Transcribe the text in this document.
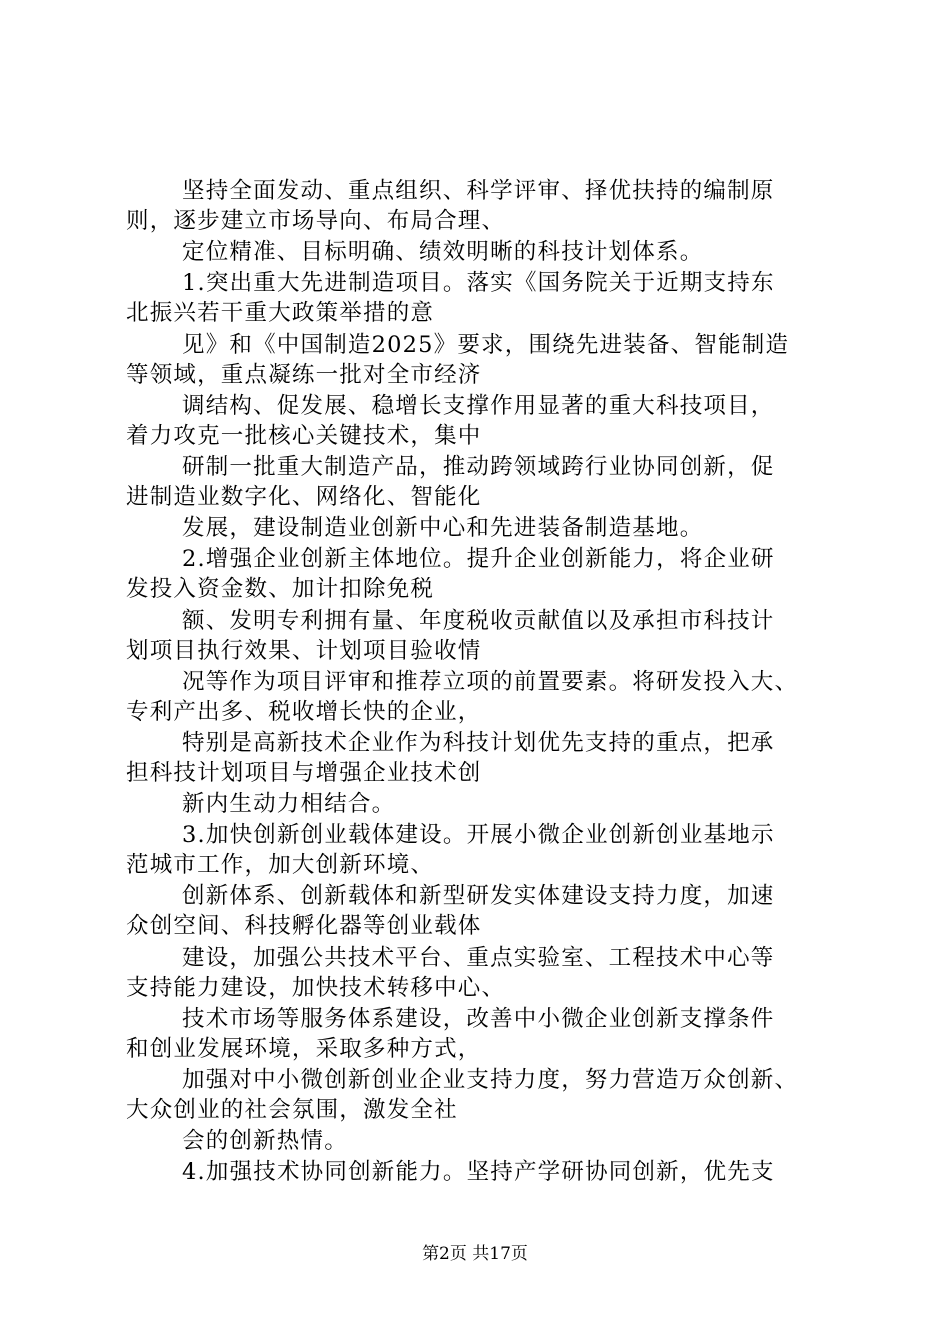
坚持全面发动、重点组织、科学评审、择优扶持的编制原
则，逐步建立市场导向、布局合理、
定位精准、目标明确、绩效明晰的科技计划体系。
1.突出重大先进制造项目。落实《国务院关于近期支持东
北振兴若干重大政策举措的意
见》和《中国制造2025》要求，围绕先进装备、智能制造
等领域，重点凝练一批对全市经济
调结构、促发展、稳增长支撑作用显著的重大科技项目，
着力攻克一批核心关键技术，集中
研制一批重大制造产品，推动跨领域跨行业协同创新，促
进制造业数字化、网络化、智能化
发展，建设制造业创新中心和先进装备制造基地。
2.增强企业创新主体地位。提升企业创新能力，将企业研
发投入资金数、加计扣除免税
额、发明专利拥有量、年度税收贡献值以及承担市科技计
划项目执行效果、计划项目验收情
况等作为项目评审和推荐立项的前置要素。将研发投入大、
专利产出多、税收增长快的企业，
特别是高新技术企业作为科技计划优先支持的重点，把承
担科技计划项目与增强企业技术创
新内生动力相结合。
3.加快创新创业载体建设。开展小微企业创新创业基地示
范城市工作，加大创新环境、
创新体系、创新载体和新型研发实体建设支持力度，加速
众创空间、科技孵化器等创业载体
建设，加强公共技术平台、重点实验室、工程技术中心等
支持能力建设，加快技术转移中心、
技术市场等服务体系建设，改善中小微企业创新支撑条件
和创业发展环境，采取多种方式，
加强对中小微创新创业企业支持力度，努力营造万众创新、
大众创业的社会氛围，激发全社
会的创新热情。
4.加强技术协同创新能力。坚持产学研协同创新，优先支
第2页 共17页
